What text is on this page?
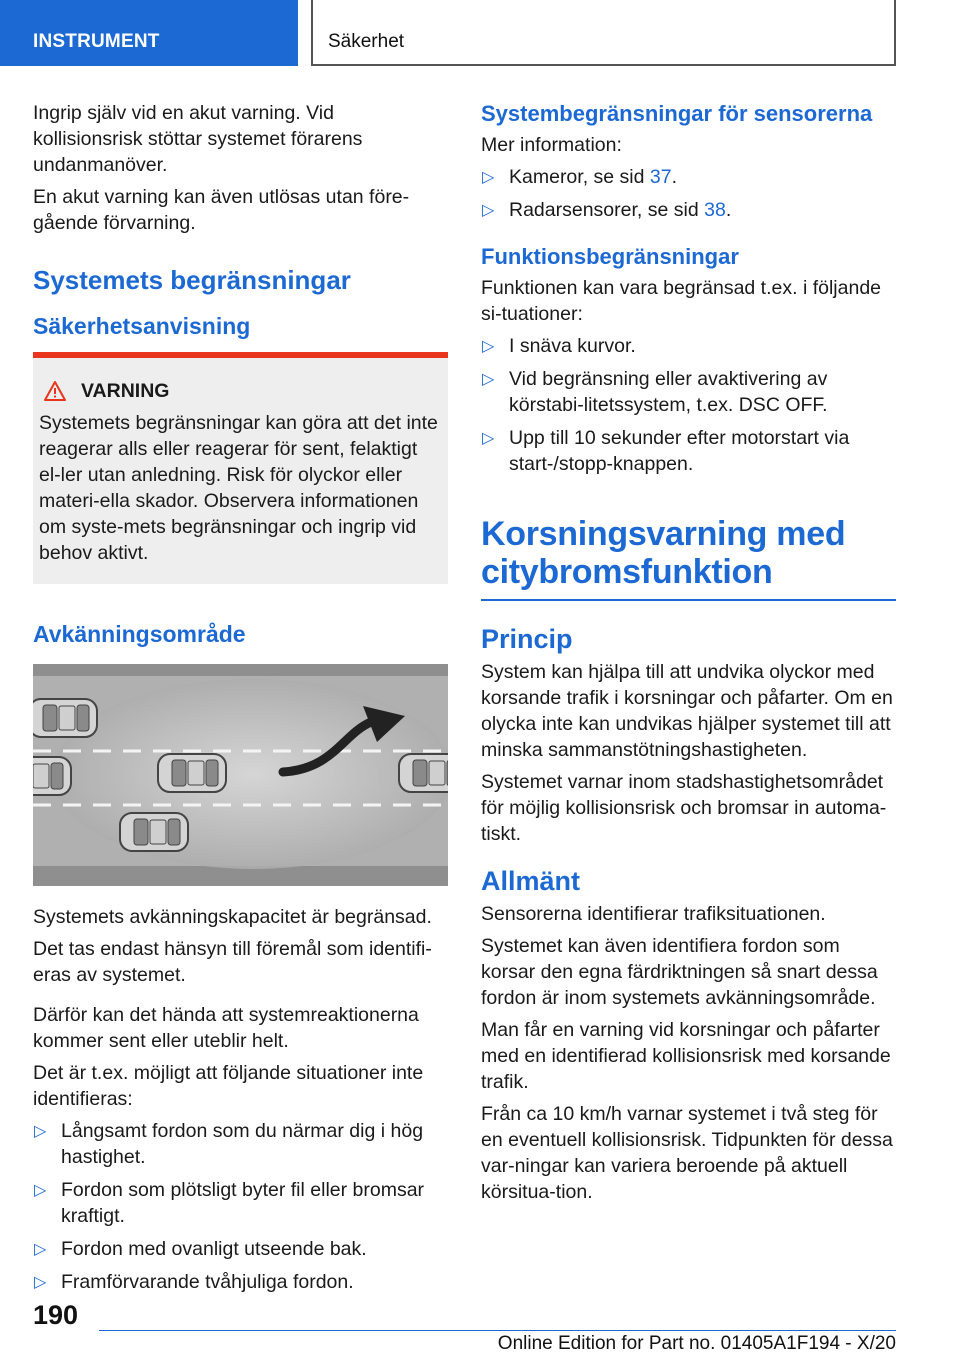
INSTRUMENT	Säkerhet

Ingrip själv vid en akut varning. Vid kollisionsrisk stöttar systemet förarens undanmanöver.

En akut varning kan även utlösas utan före-gående förvarning.

Systemets begränsningar
Säkerhetsanvisning
VARNING

Systemets begränsningar kan göra att det inte reagerar alls eller reagerar för sent, felaktigt el-ler utan anledning. Risk för olyckor eller materi-ella skador. Observera informationen om syste-mets begränsningar och ingrip vid behov aktivt.

Avkänningsområde

Systemets avkänningskapacitet är begränsad.

Det tas endast hänsyn till föremål som identifi-eras av systemet.

Därför kan det hända att systemreaktionerna kommer sent eller uteblir helt.

Det är t.ex. möjligt att följande situationer inte identifieras:

▷ Långsamt fordon som du närmar dig i hög hastighet.
▷ Fordon som plötsligt byter fil eller bromsar kraftigt.
▷ Fordon med ovanligt utseende bak.
▷ Framförvarande tvåhjuliga fordon.
Systembegränsningar för sensorerna

Mer information:

▷ Kameror, se sid 37.
▷ Radarsensorer, se sid 38.
Funktionsbegränsningar

Funktionen kan vara begränsad t.ex. i följande si-tuationer:

▷ I snäva kurvor.
▷ Vid begränsning eller avaktivering av körstabi-litetssystem, t.ex. DSC OFF.
▷ Upp till 10 sekunder efter motorstart via start-/stopp-knappen.
Korsningsvarning med citybromsfunktion
Princip

System kan hjälpa till att undvika olyckor med korsande trafik i korsningar och påfarter. Om en olycka inte kan undvikas hjälper systemet till att minska sammanstötningshastigheten.

Systemet varnar inom stadshastighetsområdet för möjlig kollisionsrisk och bromsar in automa-tiskt.

Allmänt

Sensorerna identifierar trafiksituationen.

Systemet kan även identifiera fordon som korsar den egna färdriktningen så snart dessa fordon är inom systemets avkänningsområde.

Man får en varning vid korsningar och påfarter med en identifierad kollisionsrisk med korsande trafik.

Från ca 10 km/h varnar systemet i två steg för en eventuell kollisionsrisk. Tidpunkten för dessa var-ningar kan variera beroende på aktuell körsitua-tion.

190
Online Edition for Part no. 01405A1F194 - X/20
